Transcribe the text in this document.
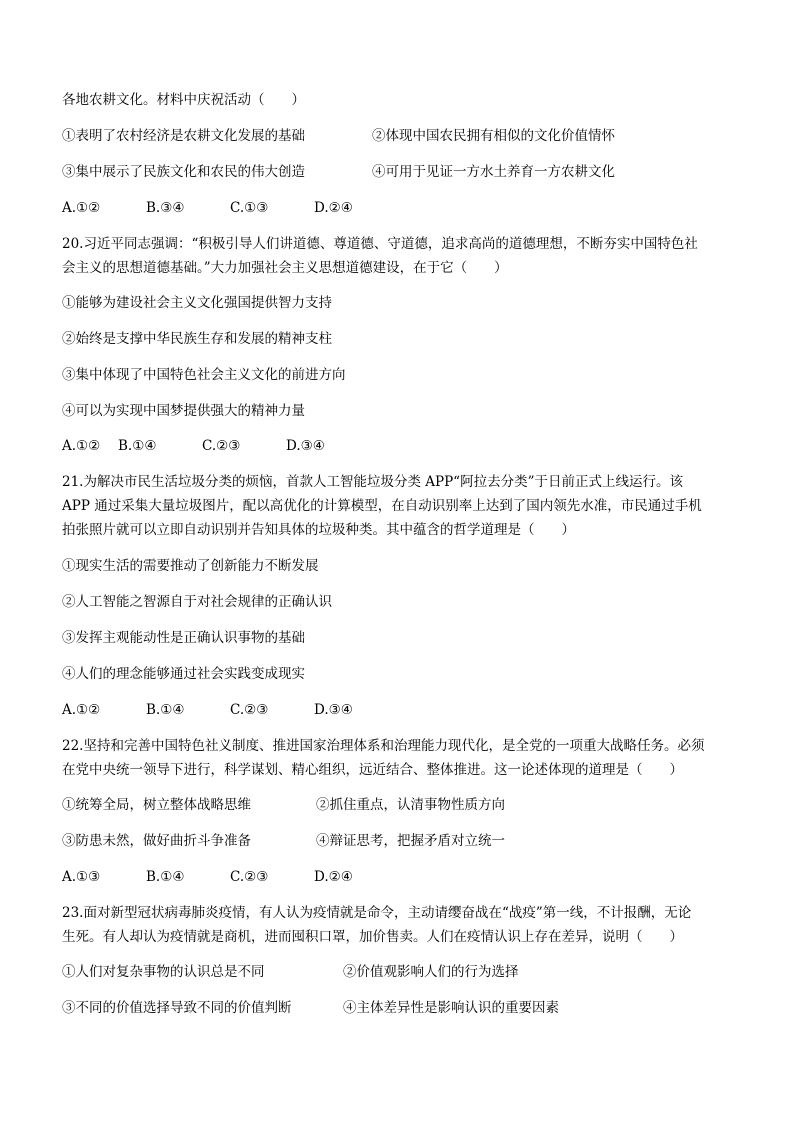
各地农耕文化。材料中庆祝活动（　　）
①表明了农村经济是农耕文化发展的基础	②体现中国农民拥有相似的文化价值情怀
③集中展示了民族文化和农民的伟大创造	④可用于见证一方水土养育一方农耕文化
A.①②	B.③④	C.①③	D.②④
20.习近平同志强调：“积极引导人们讲道德、尊道德、守道德，追求高尚的道德理想，不断夯实中国特色社
会主义的思想道德基础。”大力加强社会主义思想道德建设，在于它（　　）
①能够为建设社会主义文化强国提供智力支持
②始终是支撑中华民族生存和发展的精神支柱
③集中体现了中国特色社会主义文化的前进方向
④可以为实现中国梦提供强大的精神力量
A.①② B.①④	C.②③	D.③④
21.为解决市民生活垃圾分类的烦恼，首款人工智能垃圾分类 APP“阿拉去分类”于日前正式上线运行。该
APP 通过采集大量垃圾图片，配以高优化的计算模型，在自动识别率上达到了国内领先水准，市民通过手机
拍张照片就可以立即自动识别并告知具体的垃圾种类。其中蕴含的哲学道理是（　　）
①现实生活的需要推动了创新能力不断发展
②人工智能之智源自于对社会规律的正确认识
③发挥主观能动性是正确认识事物的基础
④人们的理念能够通过社会实践变成现实
A.①②	B.①④	C.②③	D.③④
22.坚持和完善中国特色社义制度、推进国家治理体系和治理能力现代化，是全党的一项重大战略任务。必须
在党中央统一领导下进行，科学谋划、精心组织，远近结合、整体推进。这一论述体现的道理是（　　）
①统筹全局，树立整体战略思维	②抓住重点，认清事物性质方向
③防患未然，做好曲折斗争准备	④辩证思考，把握矛盾对立统一
A.①③	B.①④	C.②③	D.②④
23.面对新型冠状病毒肺炎疫情，有人认为疫情就是命令，主动请缨奋战在“战疫”第一线，不计报酬，无论
生死。有人却认为疫情就是商机，进而囤积口罩，加价售卖。人们在疫情认识上存在差异，说明（　　）
①人们对复杂事物的认识总是不同	②价值观影响人们的行为选择
③不同的价值选择导致不同的价值判断	④主体差异性是影响认识的重要因素
